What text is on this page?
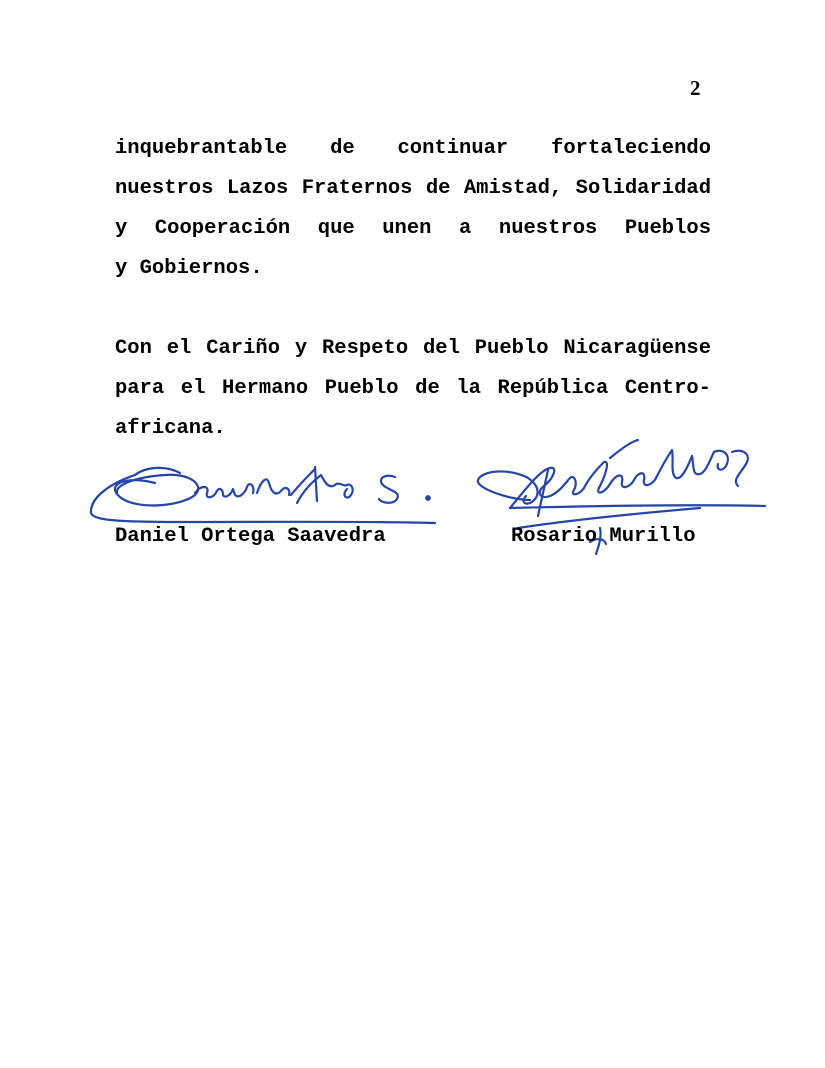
2
inquebrantable de continuar fortaleciendo
nuestros Lazos Fraternos de Amistad, Solidaridad
y Cooperación que unen a nuestros Pueblos
y Gobiernos.
Con el Cariño y Respeto del Pueblo Nicaragüense
para el Hermano Pueblo de la República Centro-
africana.
Daniel Ortega Saavedra	Rosario Murillo
